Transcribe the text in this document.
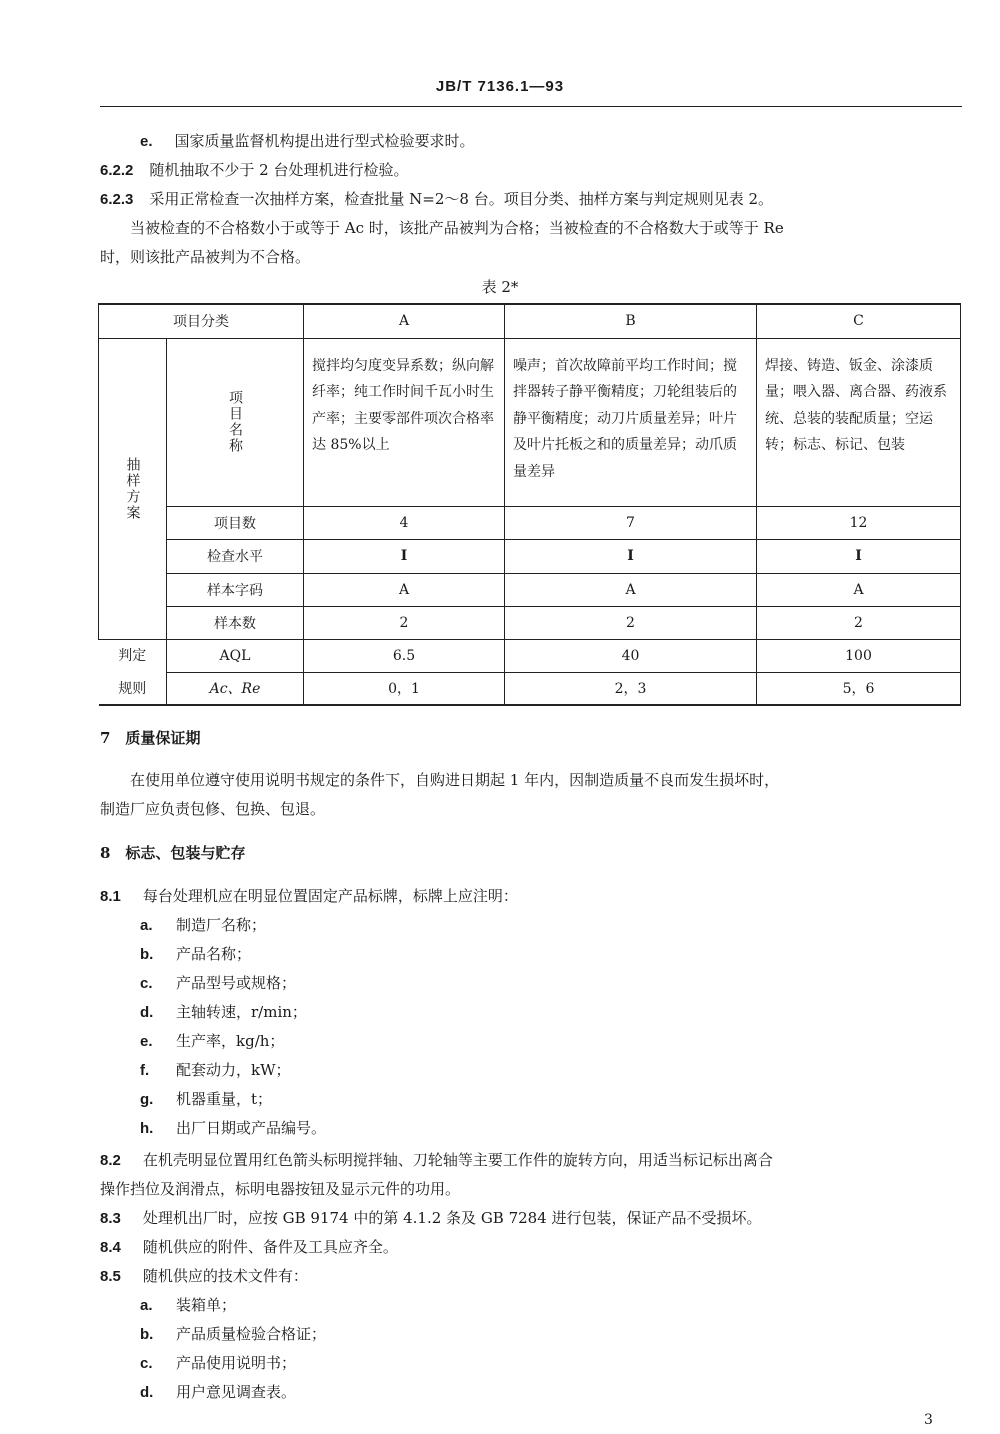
JB/T 7136.1—93
e. 国家质量监督机构提出进行型式检验要求时。
6.2.2 随机抽取不少于 2 台处理机进行检验。
6.2.3 采用正常检查一次抽样方案，检查批量 N=2～8 台。项目分类、抽样方案与判定规则见表 2。
当被检查的不合格数小于或等于 Ac 时，该批产品被判为合格；当被检查的不合格数大于或等于 Re
时，则该批产品被判为不合格。
表 2*
项目分类		A	B	C
抽样方案	项目名称	搅拌均匀度变异系数；纵向解纤率；纯工作时间千瓦小时生产率；主要零部件项次合格率达 85%以上	噪声；首次故障前平均工作时间；搅拌器转子静平衡精度；刀轮组装后的静平衡精度；动刀片质量差异；叶片及叶片托板之和的质量差异；动爪质量差异	焊接、铸造、钣金、涂漆质量；喂入器、离合器、药液系统、总装的装配质量；空运转；标志、标记、包装
	项目数	4	7	12
	检查水平	I	I	I
	样本字码	A	A	A
	样本数	2	2	2
判定	AQL	6.5	40	100
规则	Ac、Re	0，1	2，3	5，6
7　质量保证期
在使用单位遵守使用说明书规定的条件下，自购进日期起 1 年内，因制造质量不良而发生损坏时，
制造厂应负责包修、包换、包退。
8　标志、包装与贮存
8.1 每台处理机应在明显位置固定产品标牌，标牌上应注明：
a. 制造厂名称；
b. 产品名称；
c. 产品型号或规格；
d. 主轴转速，r/min；
e. 生产率，kg/h；
f. 配套动力，kW；
g. 机器重量，t；
h. 出厂日期或产品编号。
8.2 在机壳明显位置用红色箭头标明搅拌轴、刀轮轴等主要工作件的旋转方向，用适当标记标出离合
操作挡位及润滑点，标明电器按钮及显示元件的功用。
8.3 处理机出厂时，应按 GB 9174 中的第 4.1.2 条及 GB 7284 进行包装，保证产品不受损坏。
8.4 随机供应的附件、备件及工具应齐全。
8.5 随机供应的技术文件有：
a. 装箱单；
b. 产品质量检验合格证；
c. 产品使用说明书；
d. 用户意见调查表。
3
